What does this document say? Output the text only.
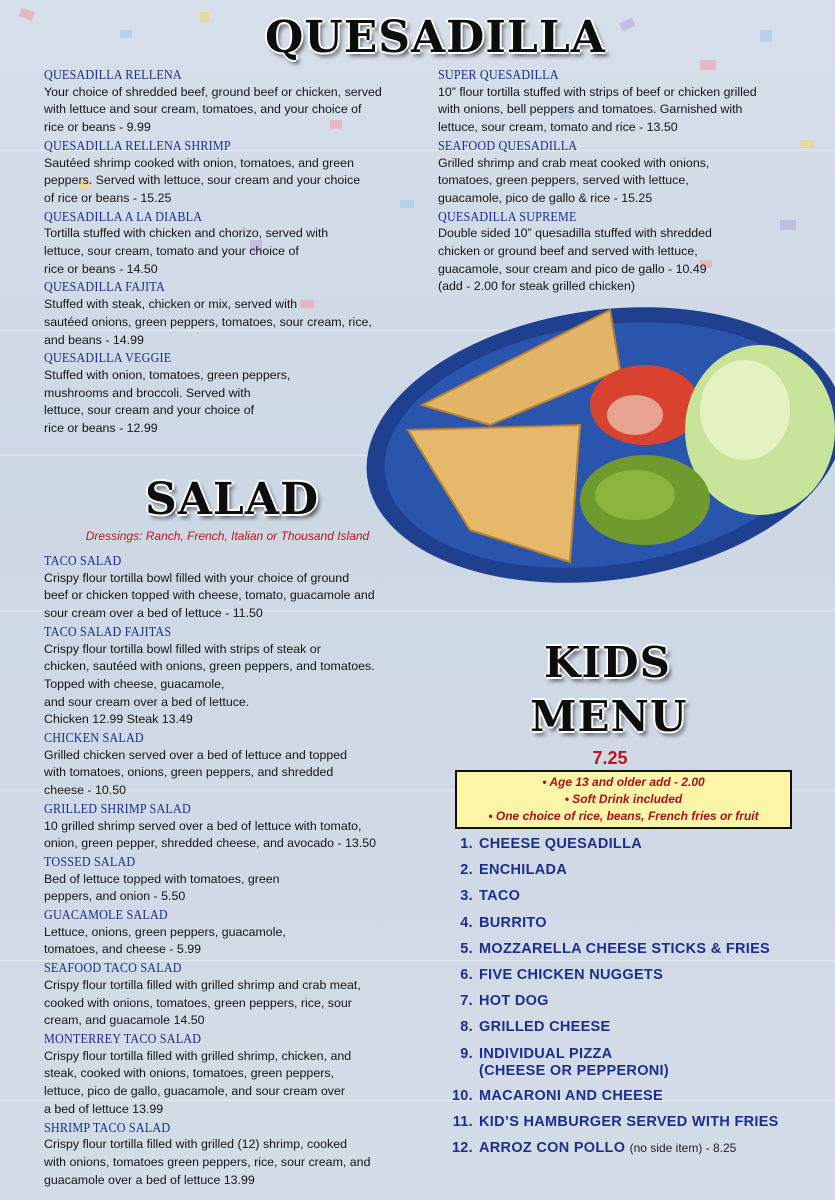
QUESADILLA
QUESADILLA RELLENA
Your choice of shredded beef, ground beef or chicken, served
with lettuce and sour cream, tomatoes, and your choice of
rice or beans - 9.99
QUESADILLA RELLENA SHRIMP
Sautéed shrimp cooked with onion, tomatoes, and green
peppers. Served with lettuce, sour cream and your choice
of rice or beans - 15.25
QUESADILLA A LA DIABLA
Tortilla stuffed with chicken and chorizo, served with
lettuce, sour cream, tomato and your choice of
rice or beans - 14.50
QUESADILLA FAJITA
Stuffed with steak, chicken or mix, served with
sautéed onions, green peppers, tomatoes, sour cream, rice,
and beans - 14.99
QUESADILLA VEGGIE
Stuffed with onion, tomatoes, green peppers,
mushrooms and broccoli. Served with
lettuce, sour cream and your choice of
rice or beans - 12.99
SUPER QUESADILLA
10” flour tortilla stuffed with strips of beef or chicken grilled
with onions, bell peppers and tomatoes. Garnished with
lettuce, sour cream, tomato and rice - 13.50
SEAFOOD QUESADILLA
Grilled shrimp and crab meat cooked with onions,
tomatoes, green peppers, served with lettuce,
guacamole, pico de gallo & rice - 15.25
QUESADILLA SUPREME
Double sided 10” quesadilla stuffed with shredded
chicken or ground beef and served with lettuce,
guacamole, sour cream and pico de gallo - 10.49
(add - 2.00 for steak grilled chicken)
SALAD
Dressings: Ranch, French, Italian or Thousand Island
TACO SALAD
Crispy flour tortilla bowl filled with your choice of ground
beef or chicken topped with cheese, tomato, guacamole and
sour cream over a bed of lettuce - 11.50
TACO SALAD FAJITAS
Crispy flour tortilla bowl filled with strips of steak or
chicken, sautéed with onions, green peppers, and tomatoes.
Topped with cheese, guacamole,
and sour cream over a bed of lettuce.
Chicken 12.99 Steak 13.49
CHICKEN SALAD
Grilled chicken served over a bed of lettuce and topped
with tomatoes, onions, green peppers, and shredded
cheese - 10.50
GRILLED SHRIMP SALAD
10 grilled shrimp served over a bed of lettuce with tomato,
onion, green pepper, shredded cheese, and avocado - 13.50
TOSSED SALAD
Bed of lettuce topped with tomatoes, green
peppers, and onion - 5.50
GUACAMOLE SALAD
Lettuce, onions, green peppers, guacamole,
tomatoes, and cheese - 5.99
SEAFOOD TACO SALAD
Crispy flour tortilla filled with grilled shrimp and crab meat,
cooked with onions, tomatoes, green peppers, rice, sour
cream, and guacamole 14.50
MONTERREY TACO SALAD
Crispy flour tortilla filled with grilled shrimp, chicken, and
steak, cooked with onions, tomatoes, green peppers,
lettuce, pico de gallo, guacamole, and sour cream over
a bed of lettuce 13.99
SHRIMP TACO SALAD
Crispy flour tortilla filled with grilled (12) shrimp, cooked
with onions, tomatoes green peppers, rice, sour cream, and
guacamole over a bed of lettuce 13.99
KIDS
MENU
7.25
• Age 13 and older add - 2.00
• Soft Drink included
• One choice of rice, beans, French fries or fruit
1. CHEESE QUESADILLA
2. ENCHILADA
3. TACO
4. BURRITO
5. MOZZARELLA CHEESE STICKS & FRIES
6. FIVE CHICKEN NUGGETS
7. HOT DOG
8. GRILLED CHEESE
9. INDIVIDUAL PIZZA
(CHEESE OR PEPPERONI)
10. MACARONI AND CHEESE
11. KID’S HAMBURGER SERVED WITH FRIES
12. ARROZ CON POLLO
(no side item) - 8.25
